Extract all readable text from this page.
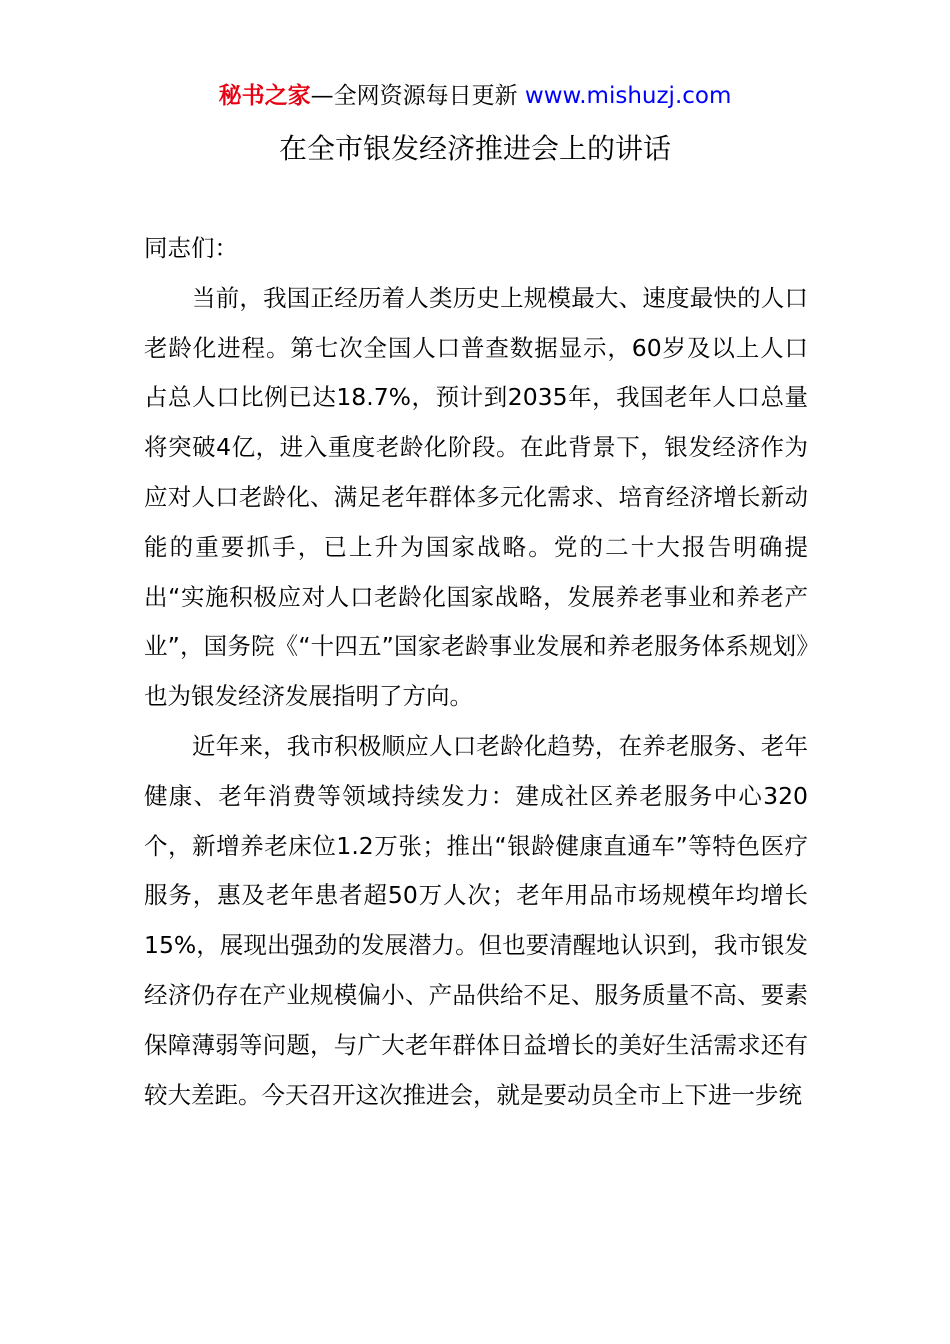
秘书之家—全网资源每日更新 www.mishuzj.com
在全市银发经济推进会上的讲话

同志们：

当前，我国正经历着人类历史上规模最大、速度最快的人口老龄化进程。第七次全国人口普查数据显示，60岁及以上人口占总人口比例已达18.7%，预计到2035年，我国老年人口总量将突破4亿，进入重度老龄化阶段。在此背景下，银发经济作为应对人口老龄化、满足老年群体多元化需求、培育经济增长新动能的重要抓手，已上升为国家战略。党的二十大报告明确提出“实施积极应对人口老龄化国家战略，发展养老事业和养老产业”，国务院《“十四五”国家老龄事业发展和养老服务体系规划》也为银发经济发展指明了方向。

近年来，我市积极顺应人口老龄化趋势，在养老服务、老年健康、老年消费等领域持续发力：建成社区养老服务中心320个，新增养老床位1.2万张；推出“银龄健康直通车”等特色医疗服务，惠及老年患者超50万人次；老年用品市场规模年均增长15%，展现出强劲的发展潜力。但也要清醒地认识到，我市银发经济仍存在产业规模偏小、产品供给不足、服务质量不高、要素保障薄弱等问题，与广大老年群体日益增长的美好生活需求还有较大差距。今天召开这次推进会，就是要动员全市上下进一步统
